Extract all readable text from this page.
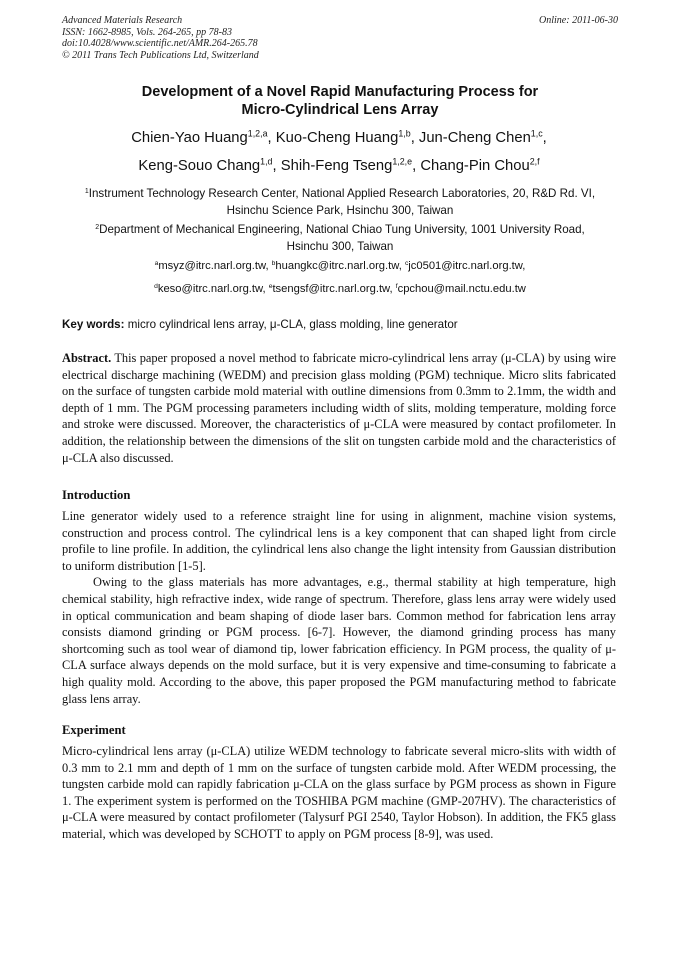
Advanced Materials Research
ISSN: 1662-8985, Vols. 264-265, pp 78-83
doi:10.4028/www.scientific.net/AMR.264-265.78
© 2011 Trans Tech Publications Ltd, Switzerland
Online: 2011-06-30
Development of a Novel Rapid Manufacturing Process for
Micro-Cylindrical Lens Array
Chien-Yao Huang$^{1,2,a}$, Kuo-Cheng Huang$^{1,b}$, Jun-Cheng Chen$^{1,c}$,
Keng-Souo Chang$^{1,d}$, Shih-Feng Tseng$^{1,2,e}$, Chang-Pin Chou$^{2,f}$
$^1$Instrument Technology Research Center, National Applied Research Laboratories, 20, R&D Rd. VI,
Hsinchu Science Park, Hsinchu 300, Taiwan
$^2$Department of Mechanical Engineering, National Chiao Tung University, 1001 University Road,
Hsinchu 300, Taiwan
$^a$msyz@itrc.narl.org.tw, $^b$huangkc@itrc.narl.org.tw, $^c$jc0501@itrc.narl.org.tw,
$^d$keso@itrc.narl.org.tw, $^e$tsengsf@itrc.narl.org.tw, $^f$cpchou@mail.nctu.edu.tw
Key words: micro cylindrical lens array, μ-CLA, glass molding, line generator

Abstract. This paper proposed a novel method to fabricate micro-cylindrical lens array (μ-CLA) by using wire electrical discharge machining (WEDM) and precision glass molding (PGM) technique. Micro slits fabricated on the surface of tungsten carbide mold material with outline dimensions from 0.3mm to 2.1mm, the width and depth of 1 mm. The PGM processing parameters including width of slits, molding temperature, molding force and stroke were discussed. Moreover, the characteristics of μ-CLA were measured by contact profilometer. In addition, the relationship between the dimensions of the slit on tungsten carbide mold and the characteristics of μ-CLA also discussed.

Introduction

Line generator widely used to a reference straight line for using in alignment, machine vision systems, construction and process control. The cylindrical lens is a key component that can shaped light from circle profile to line profile. In addition, the cylindrical lens also change the light intensity from Gaussian distribution to uniform distribution [1-5].

Owing to the glass materials has more advantages, e.g., thermal stability at high temperature, high chemical stability, high refractive index, wide range of spectrum. Therefore, glass lens array were widely used in optical communication and beam shaping of diode laser bars. Common method for fabrication lens array consists diamond grinding or PGM process. [6-7]. However, the diamond grinding process has many shortcoming such as tool wear of diamond tip, lower fabrication efficiency. In PGM process, the quality of μ-CLA surface always depends on the mold surface, but it is very expensive and time-consuming to fabricate a high quality mold. According to the above, this paper proposed the PGM manufacturing method to fabricate glass lens array.

Experiment

Micro-cylindrical lens array (μ-CLA) utilize WEDM technology to fabricate several micro-slits with width of 0.3 mm to 2.1 mm and depth of 1 mm on the surface of tungsten carbide mold. After WEDM processing, the tungsten carbide mold can rapidly fabrication μ-CLA on the glass surface by PGM process as shown in Figure 1. The experiment system is performed on the TOSHIBA PGM machine (GMP-207HV). The characteristics of μ-CLA were measured by contact profilometer (Talysurf PGI 2540, Taylor Hobson). In addition, the FK5 glass material, which was developed by SCHOTT to apply on PGM process [8-9], was used.
